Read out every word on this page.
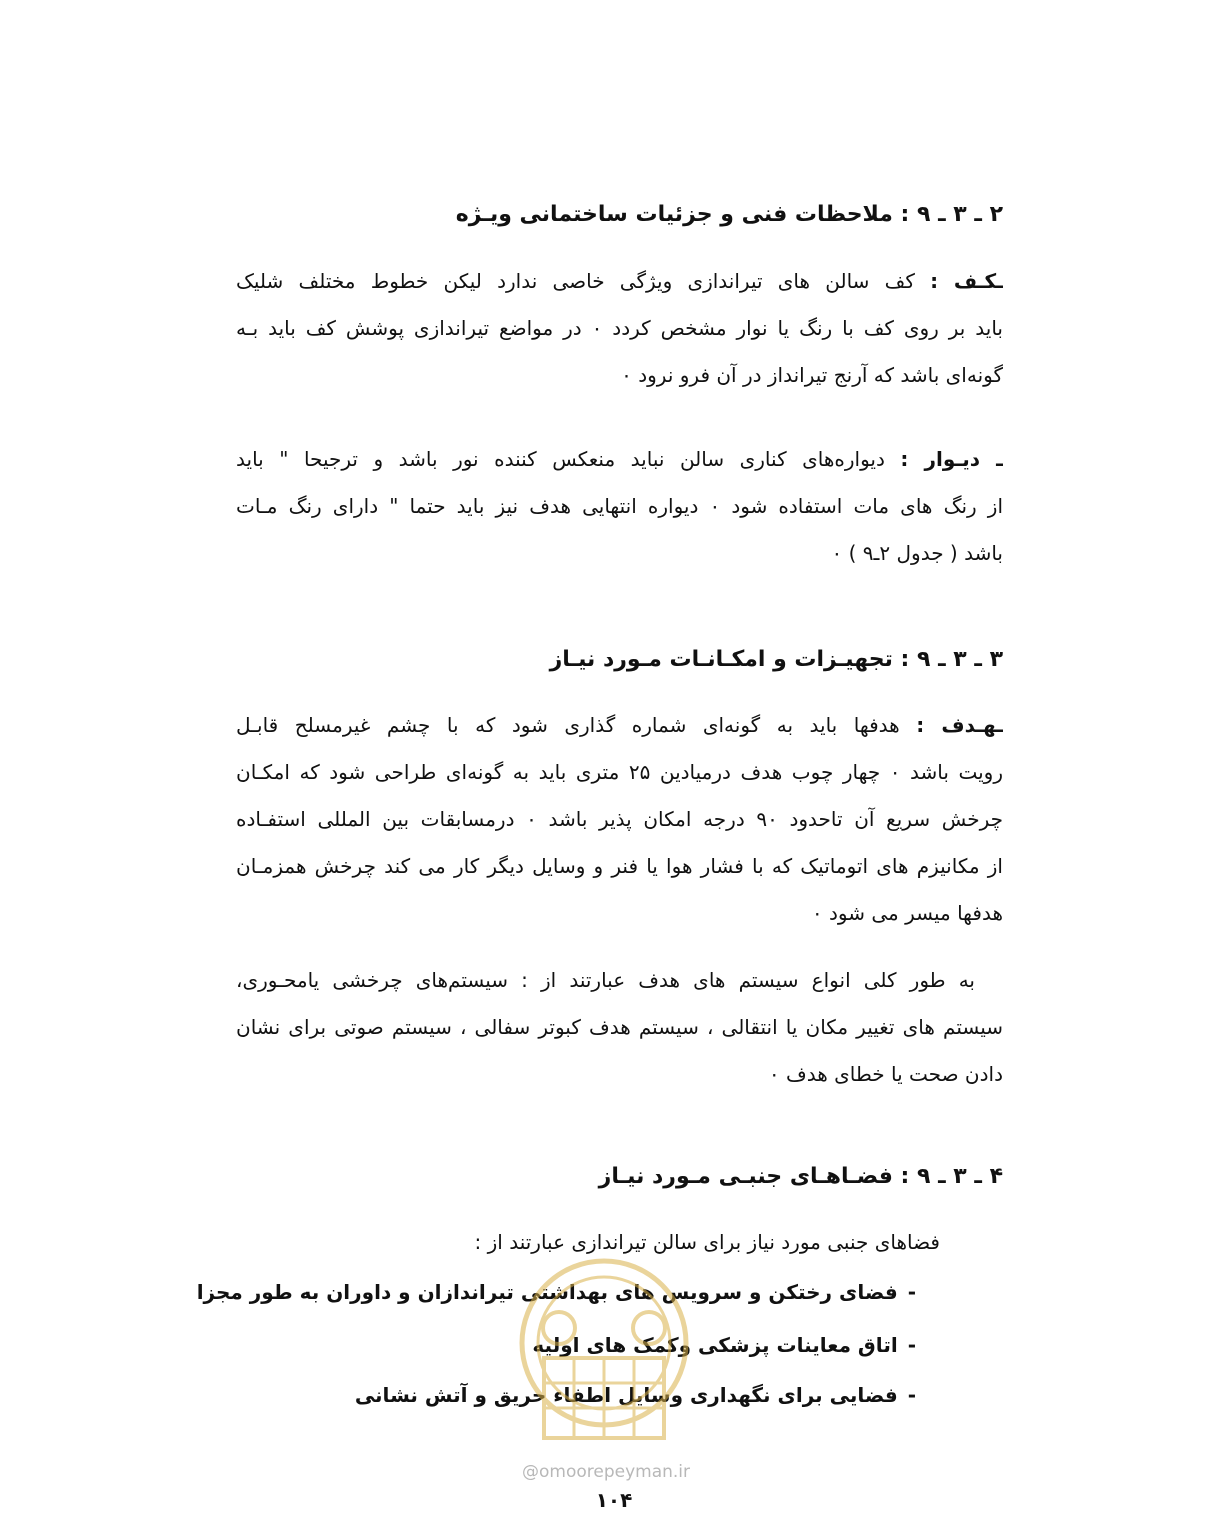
۲ ـ ۳ ـ ۹ : ملاحظات فنی و جزئیات ساختمانی ویـژه
ـکـف : کف سالن های تیراندازی ویژگی خاصی ندارد لیکن خطوط مختلف شلیک
باید بر روی کف با رنگ یا نوار مشخص کردد ۰ در مواضع تیراندازی پوشش کف باید بـه
گونه‌ای باشد که آرنج تیرانداز در آن فرو نرود ۰
ـ دیـوار : دیواره‌های کناری سالن نباید منعکس کننده نور باشد و ترجیحا " باید
از رنگ های مات استفاده شود ۰ دیواره انتهایی هدف نیز باید حتما " دارای رنگ مـات
باشد ( جدول ۲ـ۹ ) ۰
۳ ـ ۳ ـ ۹ : تجهیـزات و امکـانـات مـورد نیـاز
ـهـدف : هدفها باید به گونه‌ای شماره گذاری شود که با چشم غیرمسلح قابـل
رویت باشد ۰ چهار چوب هدف درمیادین ۲۵ متری باید به گونه‌ای طراحی شود که امکـان
چرخش سریع آن تاحدود ۹۰ درجه امکان پذیر باشد ۰ درمسابقات بین المللی استفـاده
از مکانیزم های اتوماتیک که با فشار هوا یا فنر و وسایل دیگر کار می کند چرخش همزمـان
هدفها میسر می شود ۰
به طور کلی انواع سیستم های هدف عبارتند از : سیستم‌های چرخشی یامحـوری،
سیستم های تغییر مکان یا انتقالی ، سیستم هدف کبوتر سفالی ، سیستم صوتی برای نشان
دادن صحت یا خطای هدف ۰
۴ ـ ۳ ـ ۹ : فضـاهـای جنبـی مـورد نیـاز
فضاهای جنبی مورد نیاز برای سالن تیراندازی عبارتند از :
-فضای رختکن و سرویس های بهداشتی تیراندازان و داوران به طور مجزا
-اتاق معاینات پزشکی وکمک های اولیه
-فضایی برای نگهداری وسایل اطفاء حریق و آتش نشانی
@omoorepeyman.ir
۱۰۴
